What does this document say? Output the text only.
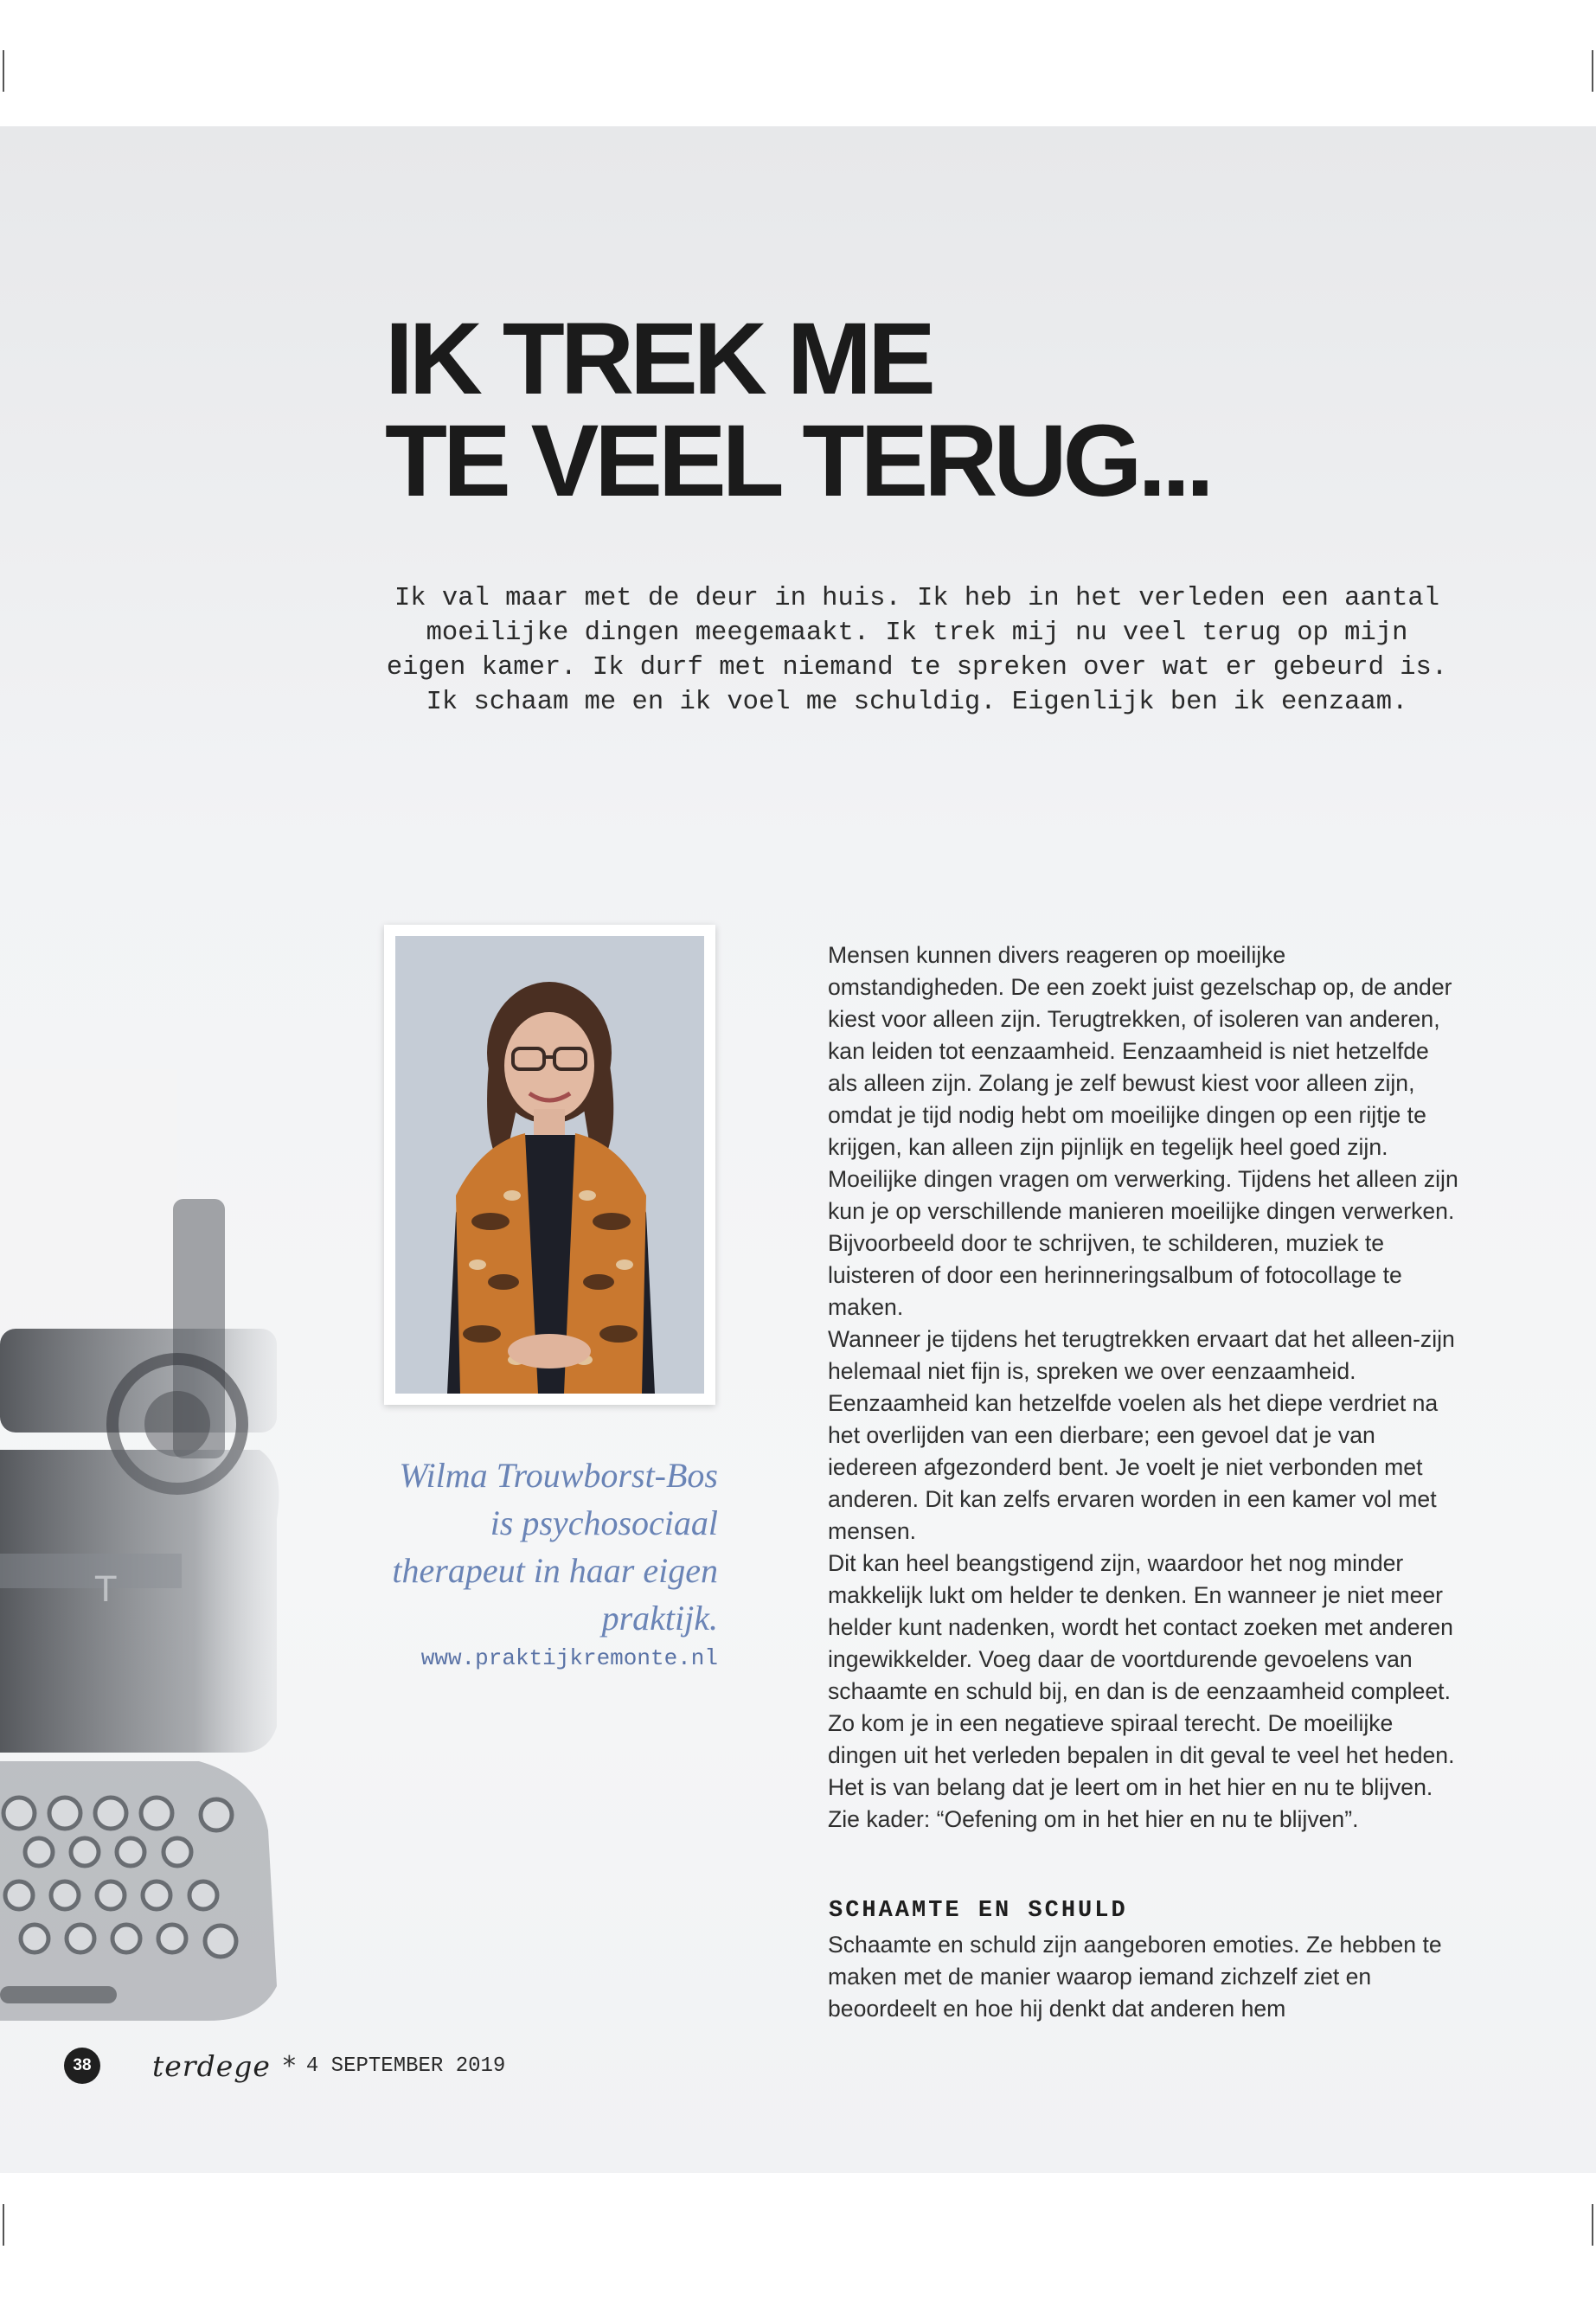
T
IK TREK ME
TE VEEL TERUG...

Ik val maar met de deur in huis. Ik heb in het verleden een aantal moeilijke dingen meegemaakt. Ik trek mij nu veel terug op mijn eigen kamer. Ik durf met niemand te spreken over wat er gebeurd is. Ik schaam me en ik voel me schuldig. Eigenlijk ben ik eenzaam.

Wilma Trouwborst-Bos is psychosociaal therapeut in haar eigen praktijk.

www.praktijkremonte.nl

Mensen kunnen divers reageren op moeilijke omstandigheden. De een zoekt juist gezelschap op, de ander kiest voor alleen zijn. Terugtrekken, of isoleren van anderen, kan leiden tot eenzaamheid. Eenzaamheid is niet hetzelfde als alleen zijn. Zolang je zelf bewust kiest voor alleen zijn, omdat je tijd nodig hebt om moeilijke dingen op een rijtje te krijgen, kan alleen zijn pijnlijk en tegelijk heel goed zijn. Moeilijke dingen vragen om verwerking. Tijdens het alleen zijn kun je op verschillende manieren moeilijke dingen verwerken. Bijvoorbeeld door te schrijven, te schilderen, muziek te luisteren of door een herinneringsalbum of fotocollage te maken.

Wanneer je tijdens het terugtrekken ervaart dat het alleen-zijn helemaal niet fijn is, spreken we over eenzaamheid. Eenzaamheid kan hetzelfde voelen als het diepe verdriet na het overlijden van een dierbare; een gevoel dat je van iedereen afgezonderd bent. Je voelt je niet verbonden met anderen. Dit kan zelfs ervaren worden in een kamer vol met mensen.

Dit kan heel beangstigend zijn, waardoor het nog minder makkelijk lukt om helder te denken. En wanneer je niet meer helder kunt nadenken, wordt het contact zoeken met anderen ingewikkelder. Voeg daar de voortdurende gevoelens van schaamte en schuld bij, en dan is de eenzaamheid compleet. Zo kom je in een negatieve spiraal terecht. De moeilijke dingen uit het verleden bepalen in dit geval te veel het heden. Het is van belang dat je leert om in het hier en nu te blijven. Zie kader: “Oefening om in het hier en nu te blijven”.

SCHAAMTE EN SCHULD

Schaamte en schuld zijn aangeboren emoties. Ze hebben te maken met de manier waarop iemand zichzelf ziet en beoordeelt en hoe hij denkt dat anderen hem

38	terdege * 4 SEPTEMBER 2019
